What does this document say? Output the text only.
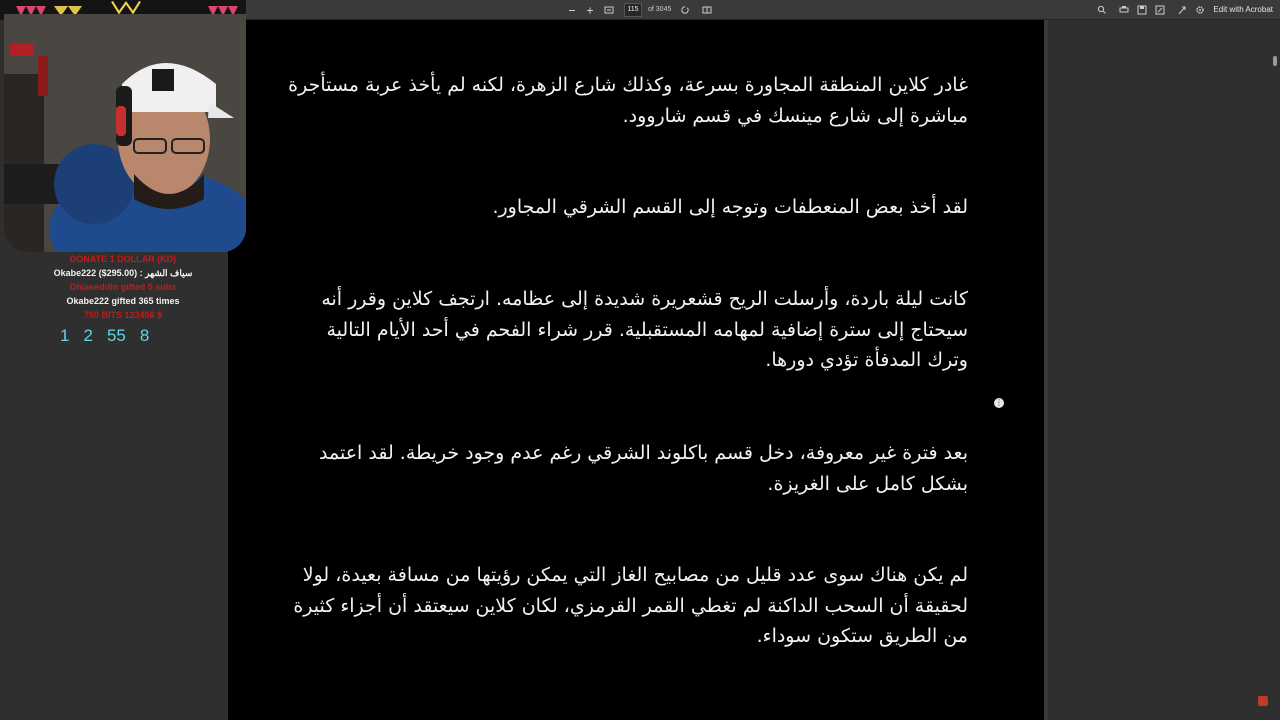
115	of 3045	Edit with Acrobat

غادر كلاين المنطقة المجاورة بسرعة، وكذلك شارع الزهرة، لكنه لم يأخذ عربة مستأجرة مباشرة إلى شارع مينسك في قسم شاروود.

لقد أخذ بعض المنعطفات وتوجه إلى القسم الشرقي المجاور.

كانت ليلة باردة، وأرسلت الريح قشعريرة شديدة إلى عظامه. ارتجف كلاين وقرر أنه سيحتاج إلى سترة إضافية لمهامه المستقبلية. قرر شراء الفحم في أحد الأيام التالية وترك المدفأة تؤدي دورها.

بعد فترة غير معروفة، دخل قسم باكلوند الشرقي رغم عدم وجود خريطة. لقد اعتمد بشكل كامل على الغريزة.

لم يكن هناك سوى عدد قليل من مصابيح الغاز التي يمكن رؤيتها من مسافة بعيدة، لولا لحقيقة أن السحب الداكنة لم تغطي القمر القرمزي، لكان كلاين سيعتقد أن أجزاء كثيرة من الطريق ستكون سوداء.

⋮
DONATE 1 DOLLAR (KD)
Okabe222 ($295.00) : سياف الشهر
Dhiaeeddin gifted 5 subs
Okabe222 gifted 365 times
750 BITS 123456 $
1 2 55 8
